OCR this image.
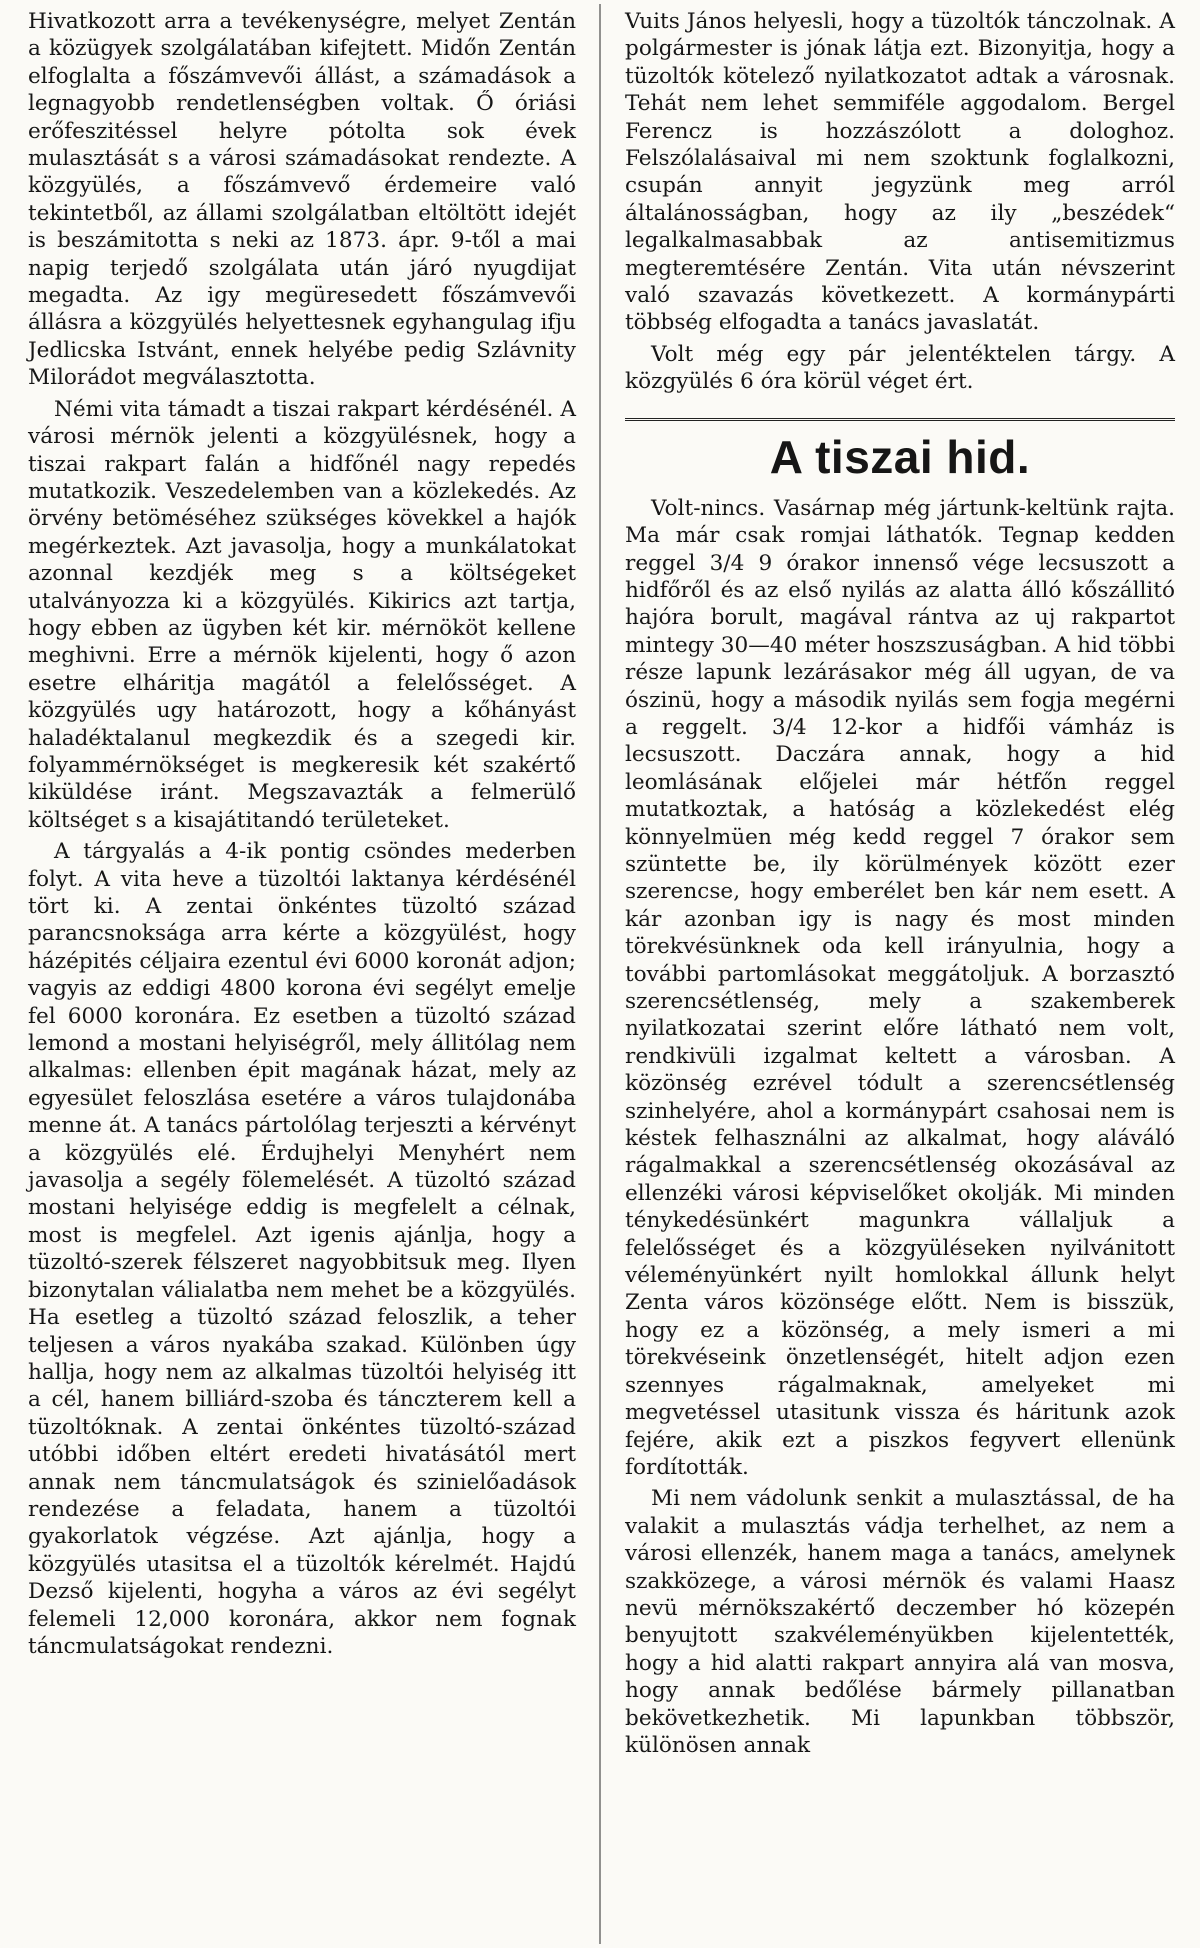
Hivatkozott arra a tevékenységre, melyet Zentán a közügyek szolgálatában kifejtett. Midőn Zentán elfoglalta a főszámvevői állást, a számadások a legnagyobb rendetlenségben voltak. Ő óriási erőfeszitéssel helyre pótolta sok évek mulasztását s a városi számadásokat rendezte. A közgyülés, a főszámvevő érdemeire való tekintetből, az állami szolgálatban eltöltött idejét is beszámitotta s neki az 1873. ápr. 9-től a mai napig terjedő szolgálata után járó nyugdijat megadta. Az igy megüresedett főszámvevői állásra a közgyülés helyettesnek egyhangulag ifju Jedlicska Istvánt, ennek helyébe pedig Szlávnity Milorádot megválasztotta.

Némi vita támadt a tiszai rakpart kérdésénél. A városi mérnök jelenti a közgyülésnek, hogy a tiszai rakpart falán a hidfőnél nagy repedés mutatkozik. Veszedelemben van a közlekedés. Az örvény betöméséhez szükséges kövekkel a hajók megérkeztek. Azt javasolja, hogy a munkálatokat azonnal kezdjék meg s a költségeket utalványozza ki a közgyülés. Kikirics azt tartja, hogy ebben az ügyben két kir. mérnököt kellene meghivni. Erre a mérnök kijelenti, hogy ő azon esetre elháritja magától a felelősséget. A közgyülés ugy határozott, hogy a kőhányást haladéktalanul megkezdik és a szegedi kir. folyammérnökséget is megkeresik két szakértő kiküldése iránt. Megszavazták a felmerülő költséget s a kisajátitandó területeket.

A tárgyalás a 4-ik pontig csöndes mederben folyt. A vita heve a tüzoltói laktanya kérdésénél tört ki. A zentai önkéntes tüzoltó század parancsnoksága arra kérte a közgyülést, hogy házépités céljaira ezentul évi 6000 koronát adjon; vagyis az eddigi 4800 korona évi segélyt emelje fel 6000 koronára. Ez esetben a tüzoltó század lemond a mostani helyiségről, mely állitólag nem alkalmas: ellenben épit magának házat, mely az egyesület feloszlása esetére a város tulajdonába menne át. A tanács pártolólag terjeszti a kérvényt a közgyülés elé. Érdujhelyi Menyhért nem javasolja a segély fölemelését. A tüzoltó század mostani helyisége eddig is megfelelt a célnak, most is megfelel. Azt igenis ajánlja, hogy a tüzoltó-szerek félszeret nagyobbitsuk meg. Ilyen bizonytalan válialatba nem mehet be a közgyülés. Ha esetleg a tüzoltó század feloszlik, a teher teljesen a város nyakába szakad. Különben úgy hallja, hogy nem az alkalmas tüzoltói helyiség itt a cél, hanem billiárd-szoba és tánczterem kell a tüzoltóknak. A zentai önkéntes tüzoltó-század utóbbi időben eltért eredeti hivatásától mert annak nem táncmulatságok és szinielőadások rendezése a feladata, hanem a tüzoltói gyakorlatok végzése. Azt ajánlja, hogy a közgyülés utasitsa el a tüzoltók kérelmét. Hajdú Dezső kijelenti, hogyha a város az évi segélyt felemeli 12,000 koronára, akkor nem fognak táncmulatságokat rendezni.

Vuits János helyesli, hogy a tüzoltók tánczolnak. A polgármester is jónak látja ezt. Bizonyitja, hogy a tüzoltók kötelező nyilatkozatot adtak a városnak. Tehát nem lehet semmiféle aggodalom. Bergel Ferencz is hozzászólott a dologhoz. Felszólalásaival mi nem szoktunk foglalkozni, csupán annyit jegyzünk meg arról általánosságban, hogy az ily „beszédek“ legalkalmasabbak az antisemitizmus megteremtésére Zentán. Vita után névszerint való szavazás következett. A kormánypárti többség elfogadta a tanács javaslatát.

Volt még egy pár jelentéktelen tárgy. A közgyülés 6 óra körül véget ért.

A tiszai hid.

Volt-nincs. Vasárnap még jártunk-keltünk rajta. Ma már csak romjai láthatók. Tegnap kedden reggel 3/4 9 órakor innenső vége lecsuszott a hidfőről és az első nyilás az alatta álló kőszállitó hajóra borult, magával rántva az uj rakpartot mintegy 30—40 méter hoszszuságban. A hid többi része lapunk lezárásakor még áll ugyan, de va ószinü, hogy a második nyilás sem fogja megérni a reggelt. 3/4 12-kor a hidfői vámház is lecsuszott. Daczára annak, hogy a hid leomlásának előjelei már hétfőn reggel mutatkoztak, a hatóság a közlekedést elég könnyelmüen még kedd reggel 7 órakor sem szüntette be, ily körülmények között ezer szerencse, hogy emberélet ben kár nem esett. A kár azonban igy is nagy és most minden törekvésünknek oda kell irányulnia, hogy a további partomlásokat meggátoljuk. A borzasztó szerencsétlenség, mely a szakemberek nyilatkozatai szerint előre látható nem volt, rendkivüli izgalmat keltett a városban. A közönség ezrével tódult a szerencsétlenség szinhelyére, ahol a kormánypárt csahosai nem is késtek felhasználni az alkalmat, hogy aláváló rágalmakkal a szerencsétlenség okozásával az ellenzéki városi képviselőket okolják. Mi minden ténykedésünkért magunkra vállaljuk a felelősséget és a közgyüléseken nyilvánitott véleményünkért nyilt homlokkal állunk helyt Zenta város közönsége előtt. Nem is bisszük, hogy ez a közönség, a mely ismeri a mi törekvéseink önzetlenségét, hitelt adjon ezen szennyes rágalmaknak, amelyeket mi megvetéssel utasitunk vissza és háritunk azok fejére, akik ezt a piszkos fegyvert ellenünk fordították.

Mi nem vádolunk senkit a mulasztással, de ha valakit a mulasztás vádja terhelhet, az nem a városi ellenzék, hanem maga a tanács, amelynek szakközege, a városi mérnök és valami Haasz nevü mérnökszakértő deczember hó közepén benyujtott szakvéleményükben kijelentették, hogy a hid alatti rakpart annyira alá van mosva, hogy annak bedőlése bármely pillanatban bekövetkezhetik. Mi lapunkban többször, különösen annak
